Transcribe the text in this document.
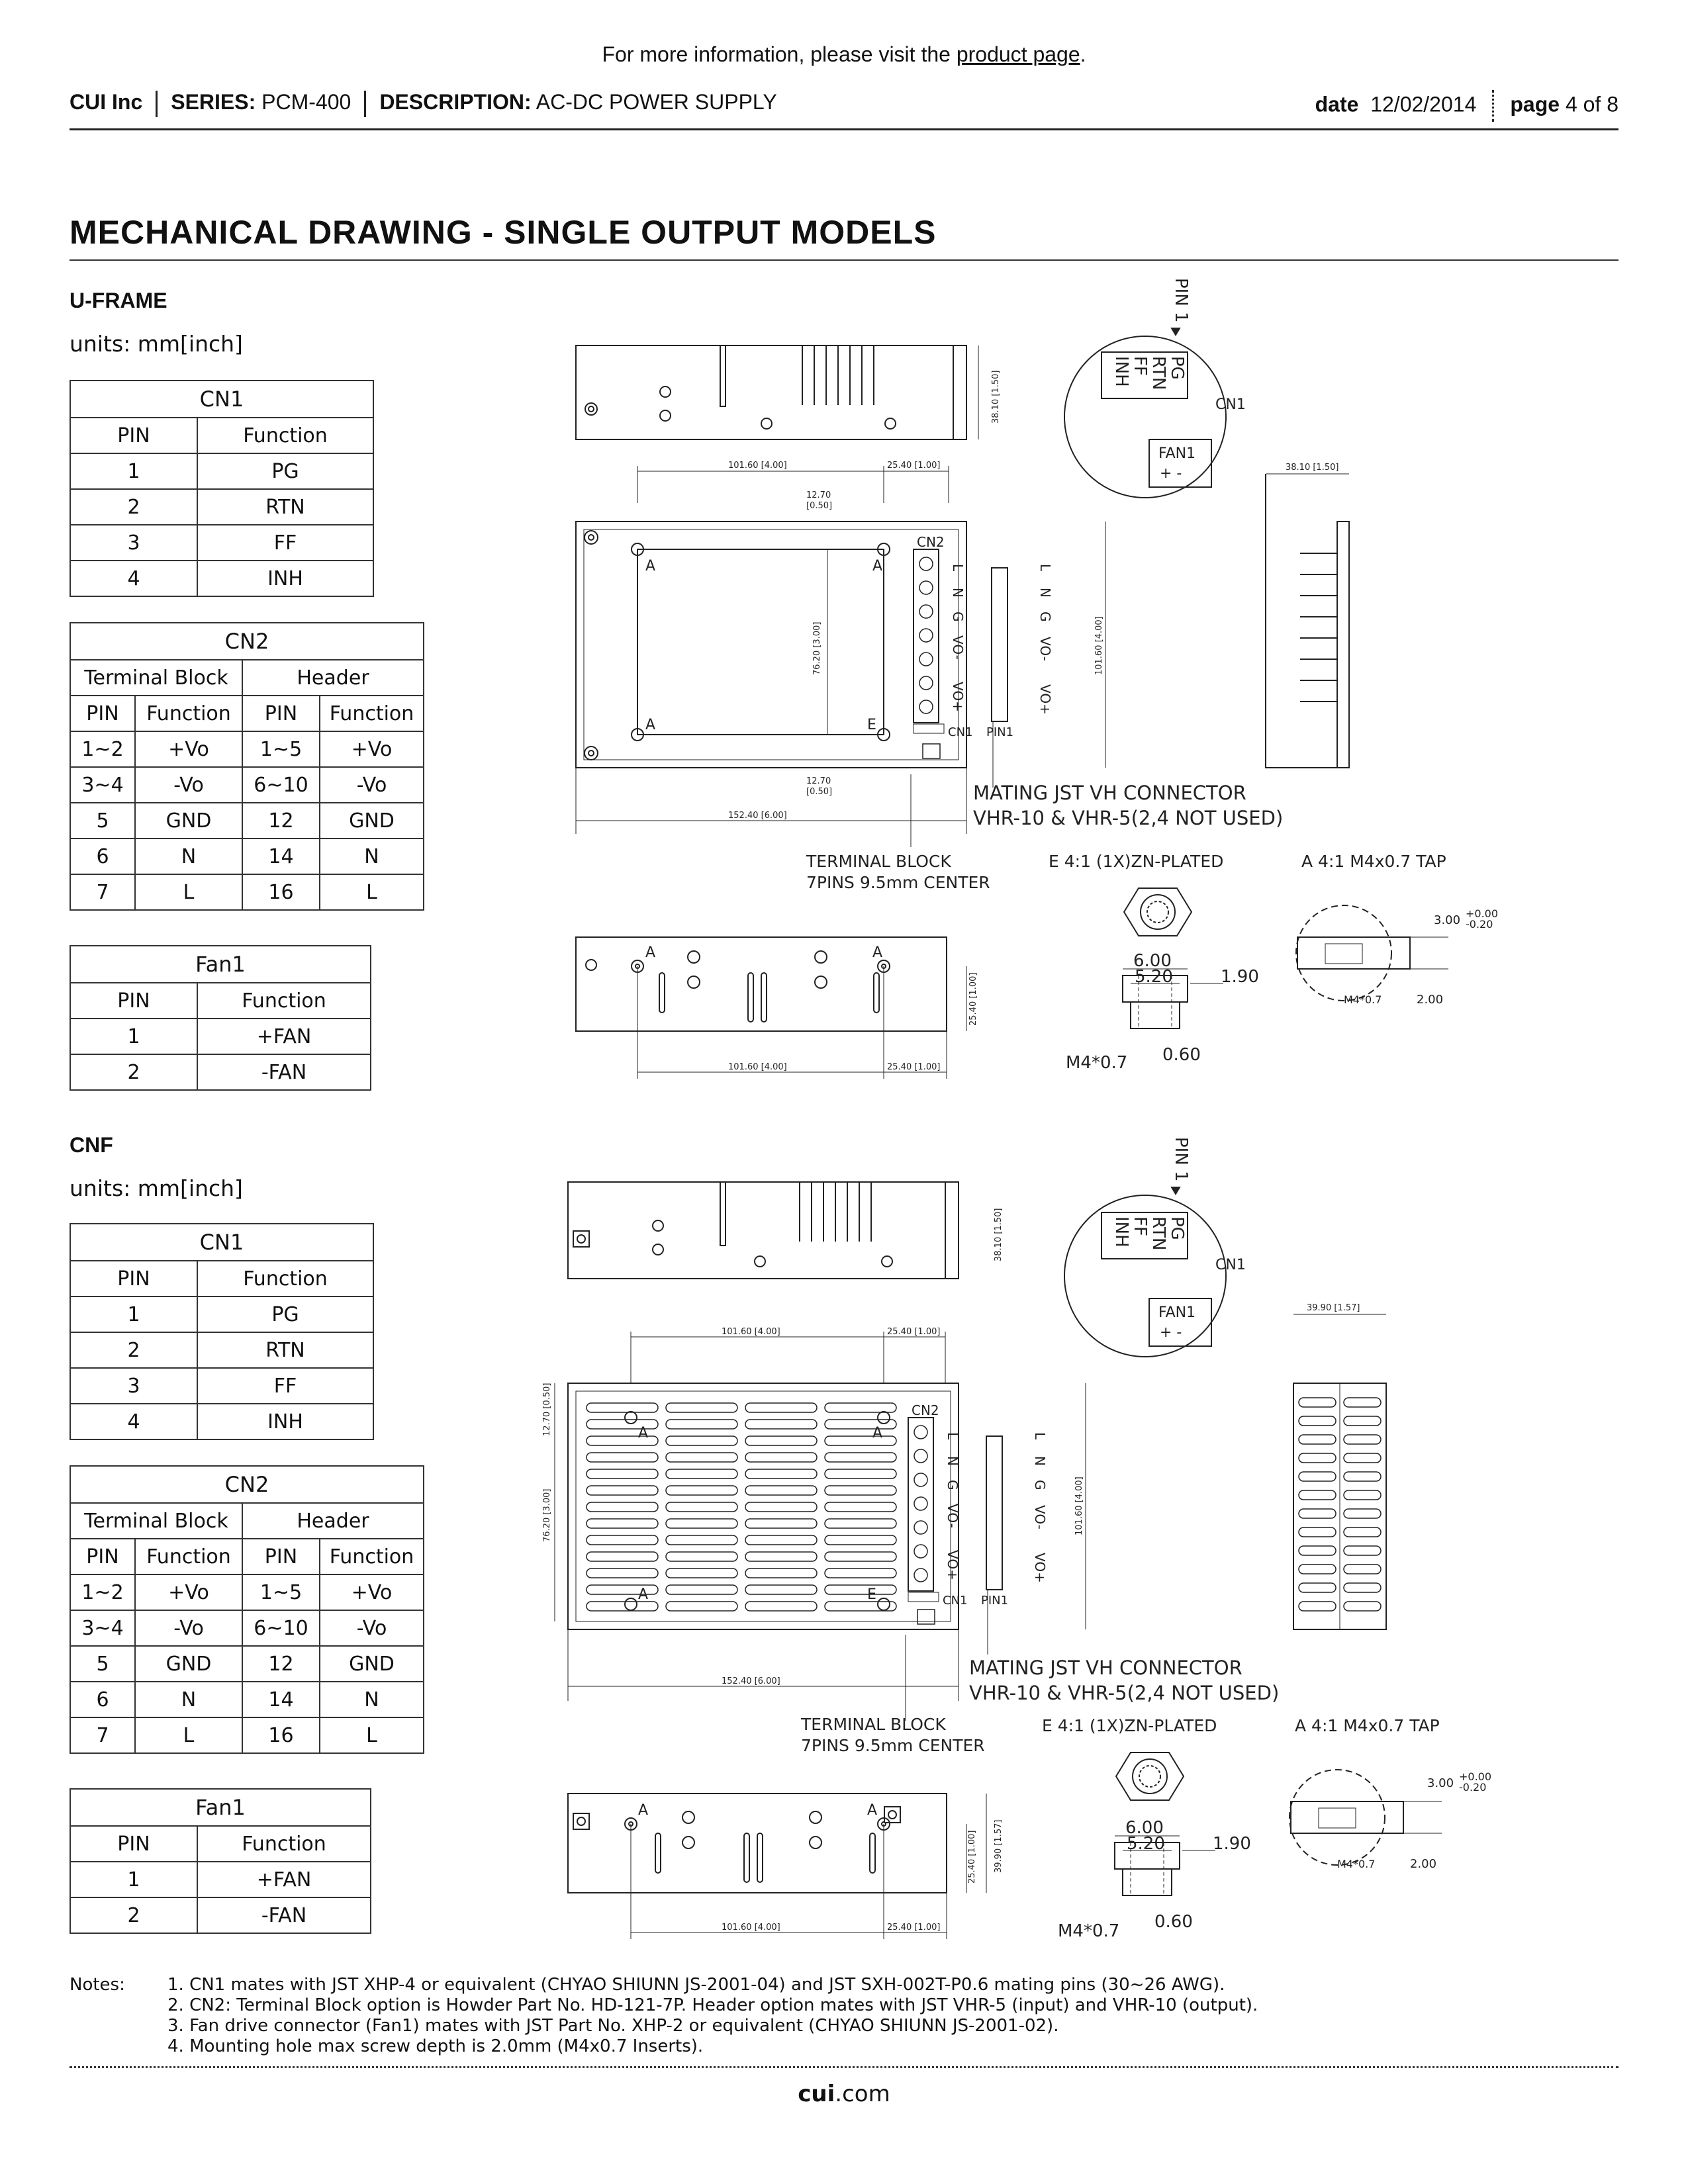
For more information, please visit the product page.
CUI Inc SERIES: PCM-400 DESCRIPTION: AC-DC POWER SUPPLY	date 12/02/2014 page 4 of 8
MECHANICAL DRAWING - SINGLE OUTPUT MODELS
U-FRAME
units: mm[inch]
CN1	
PIN	Function
1	PG
2	RTN
3	FF
4	INH
CN2			
Terminal Block		Header	
PIN	Function	PIN	Function
1~2	+Vo	1~5	+Vo
3~4	-Vo	6~10	-Vo
5	GND	12	GND
6	N	14	N
7	L	16	L
Fan1	
PIN	Function
1	+FAN
2	-FAN
CNF
units: mm[inch]
CN1	
PIN	Function
1	PG
2	RTN
3	FF
4	INH
CN2			
Terminal Block		Header	
PIN	Function	PIN	Function
1~2	+Vo	1~5	+Vo
3~4	-Vo	6~10	-Vo
5	GND	12	GND
6	N	14	N
7	L	16	L
Fan1	
PIN	Function
1	+FAN
2	-FAN
38.10 [1.50]
101.60 [4.00]	25.40 [1.00]
12.70
[0.50]
A	A
A	E
CN2
L
N
G
VO-
VO+
L
N
G
VO-
VO+
CN1 PIN1
76.20 [3.00]	101.60 [4.00]
152.40 [6.00]
12.70
[0.50]	MATING JST VH CONNECTOR
VHR-10 & VHR-5(2,4 NOT USED)
TERMINAL BLOCK
7PINS 9.5mm CENTER
E 4:1 (1X)ZN-PLATED	A 4:1 M4x0.7 TAP
PIN 1
PG
RTN
FF
INH
CN1
FAN1
+ -	38.10 [1.50]
A	A
101.60 [4.00]	25.40 [1.00]
25.40 [1.00]
6.00
5.20	1.90
0.60
M4*0.7
3.00 +0.00
-0.20
2.00
M4*0.7
38.10 [1.50]
101.60 [4.00]	25.40 [1.00]
12.70 [0.50]
76.20 [3.00]
A	A
A	E
CN2
L
N
G
VO-
VO+
L
N
G
VO-
VO+
CN1 PIN1
101.60 [4.00]
152.40 [6.00]
MATING JST VH CONNECTOR
VHR-10 & VHR-5(2,4 NOT USED)
TERMINAL BLOCK
7PINS 9.5mm CENTER
E 4:1 (1X)ZN-PLATED	A 4:1 M4x0.7 TAP
PIN 1
PG
RTN
FF
INH
CN1
FAN1
+ -
39.90 [1.57]
A	A
101.60 [4.00]	25.40 [1.00]
25.40 [1.00] 39.90 [1.57]	6.00
5.20	1.90
0.60
M4*0.7
3.00 +0.00
-0.20
2.00
M4*0.7
Notes: 1. CN1 mates with JST XHP-4 or equivalent (CHYAO SHIUNN JS-2001-04) and JST SXH-002T-P0.6 mating pins (30~26 AWG).
2. CN2: Terminal Block option is Howder Part No. HD-121-7P. Header option mates with JST VHR-5 (input) and VHR-10 (output).
3. Fan drive connector (Fan1) mates with JST Part No. XHP-2 or equivalent (CHYAO SHIUNN JS-2001-02).
4. Mounting hole max screw depth is 2.0mm (M4x0.7 Inserts).
cui.com
